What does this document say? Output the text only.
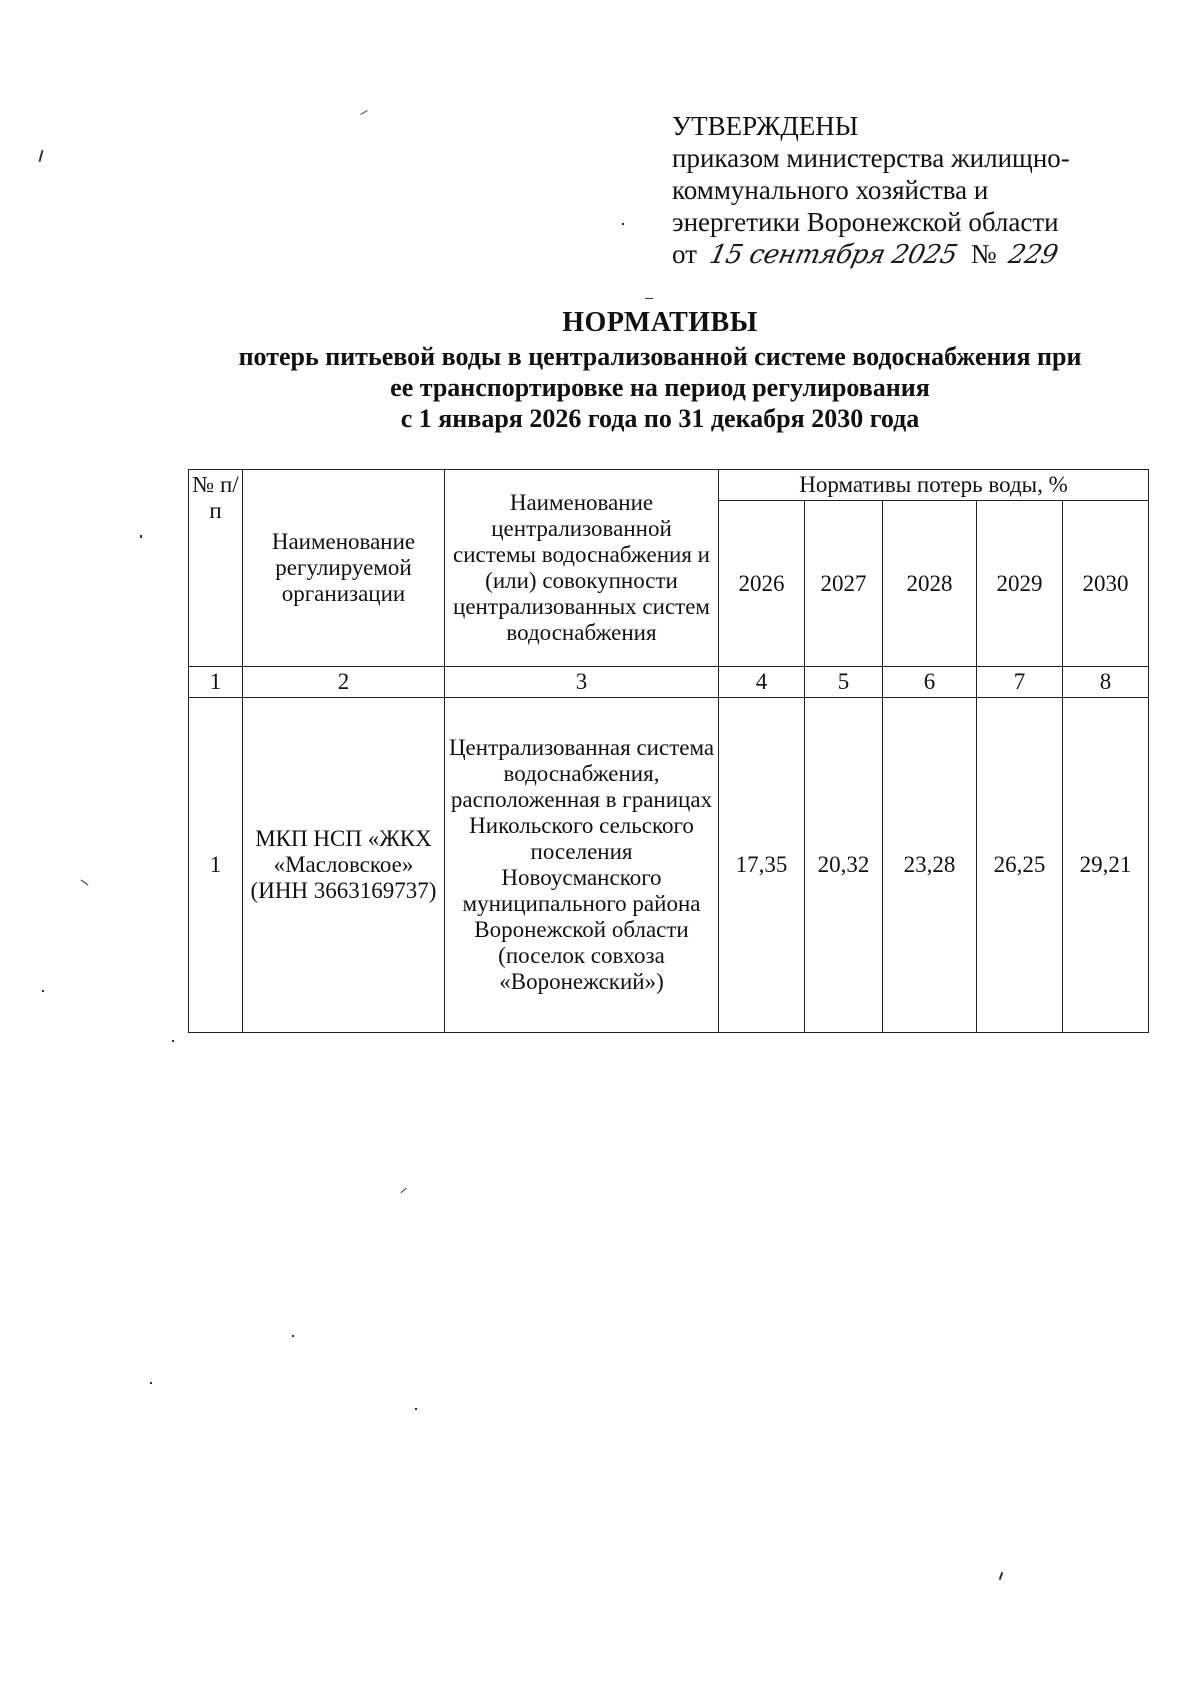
УТВЕРЖДЕНЫ
приказом министерства жилищно-
коммунального хозяйства и
энергетики Воронежской области
от 15 сентября 2025 № 229
НОРМАТИВЫ
потерь питьевой воды в централизованной системе водоснабжения при
ее транспортировке на период регулирования
с 1 января 2026 года по 31 декабря 2030 года
№ п/п	Наименование регулируемой организации	Наименование централизованной системы водоснабжения и (или) совокупности централизованных систем водоснабжения	Нормативы потерь воды, %				
			2026	2027	2028	2029	2030
1	2	3	4	5	6	7	8
1	МКП НСП «ЖКХ «Масловское» (ИНН 3663169737)	Централизованная система водоснабжения, расположенная в границах Никольского сельского поселения Новоусманского муниципального района Воронежской области (поселок совхоза «Воронежский»)	17,35	20,32	23,28	26,25	29,21
